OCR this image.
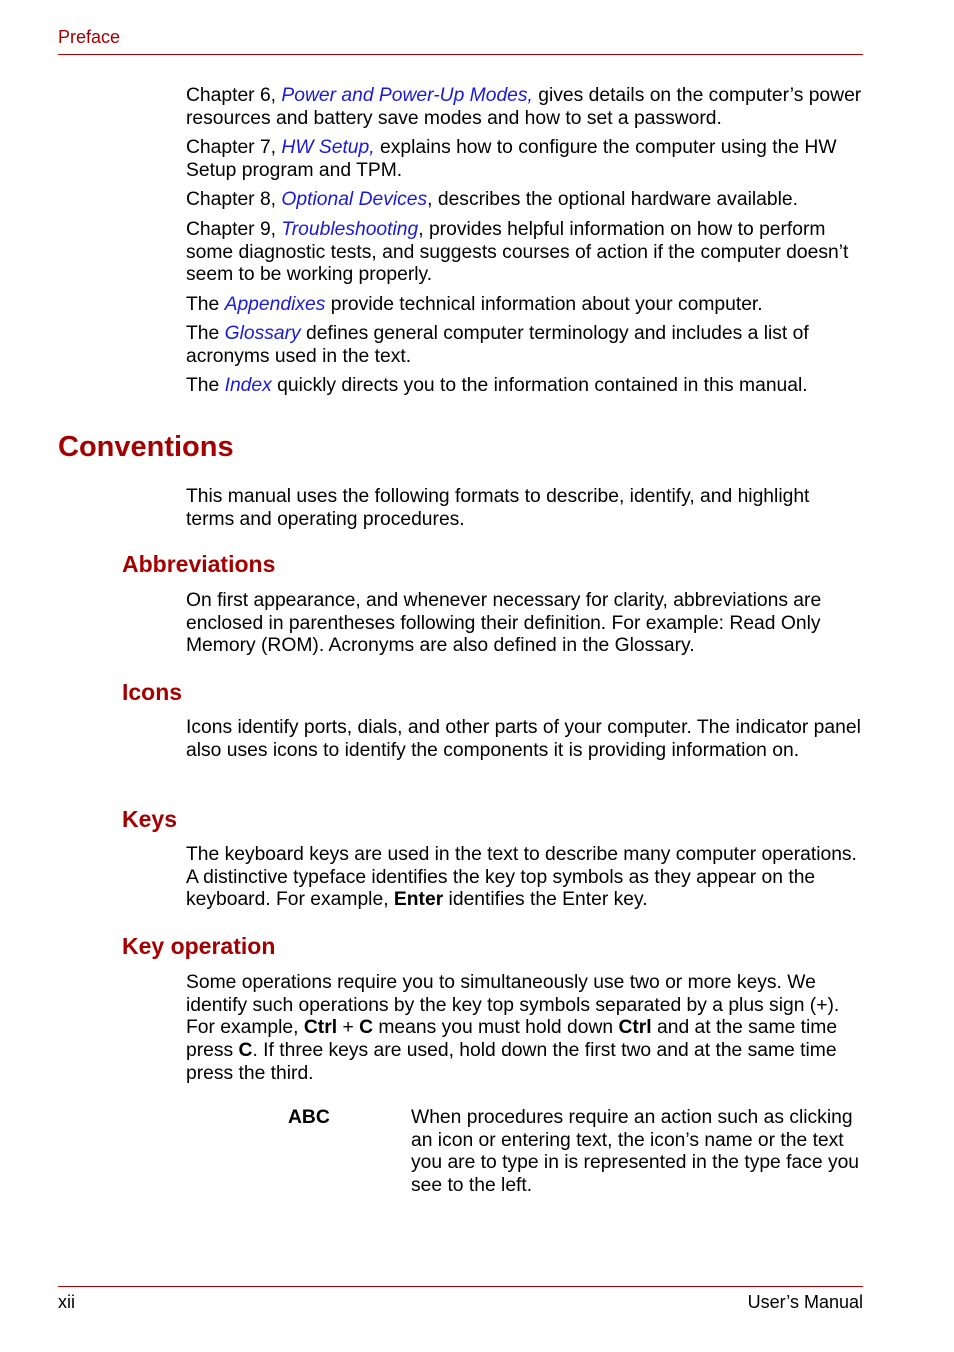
Preface

Chapter 6, Power and Power-Up Modes, gives details on the computer’s power resources and battery save modes and how to set a password.

Chapter 7, HW Setup, explains how to configure the computer using the HW Setup program and TPM.

Chapter 8, Optional Devices, describes the optional hardware available.

Chapter 9, Troubleshooting, provides helpful information on how to perform some diagnostic tests, and suggests courses of action if the computer doesn’t seem to be working properly.

The Appendixes provide technical information about your computer.

The Glossary defines general computer terminology and includes a list of acronyms used in the text.

The Index quickly directs you to the information contained in this manual.

Conventions

This manual uses the following formats to describe, identify, and highlight terms and operating procedures.

Abbreviations

On first appearance, and whenever necessary for clarity, abbreviations are enclosed in parentheses following their definition. For example: Read Only Memory (ROM). Acronyms are also defined in the Glossary.

Icons

Icons identify ports, dials, and other parts of your computer. The indicator panel also uses icons to identify the components it is providing information on.

Keys

The keyboard keys are used in the text to describe many computer operations. A distinctive typeface identifies the key top symbols as they appear on the keyboard. For example, Enter identifies the Enter key.

Key operation

Some operations require you to simultaneously use two or more keys. We identify such operations by the key top symbols separated by a plus sign (+). For example, Ctrl + C means you must hold down Ctrl and at the same time press C. If three keys are used, hold down the first two and at the same time press the third.

ABC	When procedures require an action such as clicking an icon or entering text, the icon’s name or the text you are to type in is represented in the type face you see to the left.

xii	User’s Manual
